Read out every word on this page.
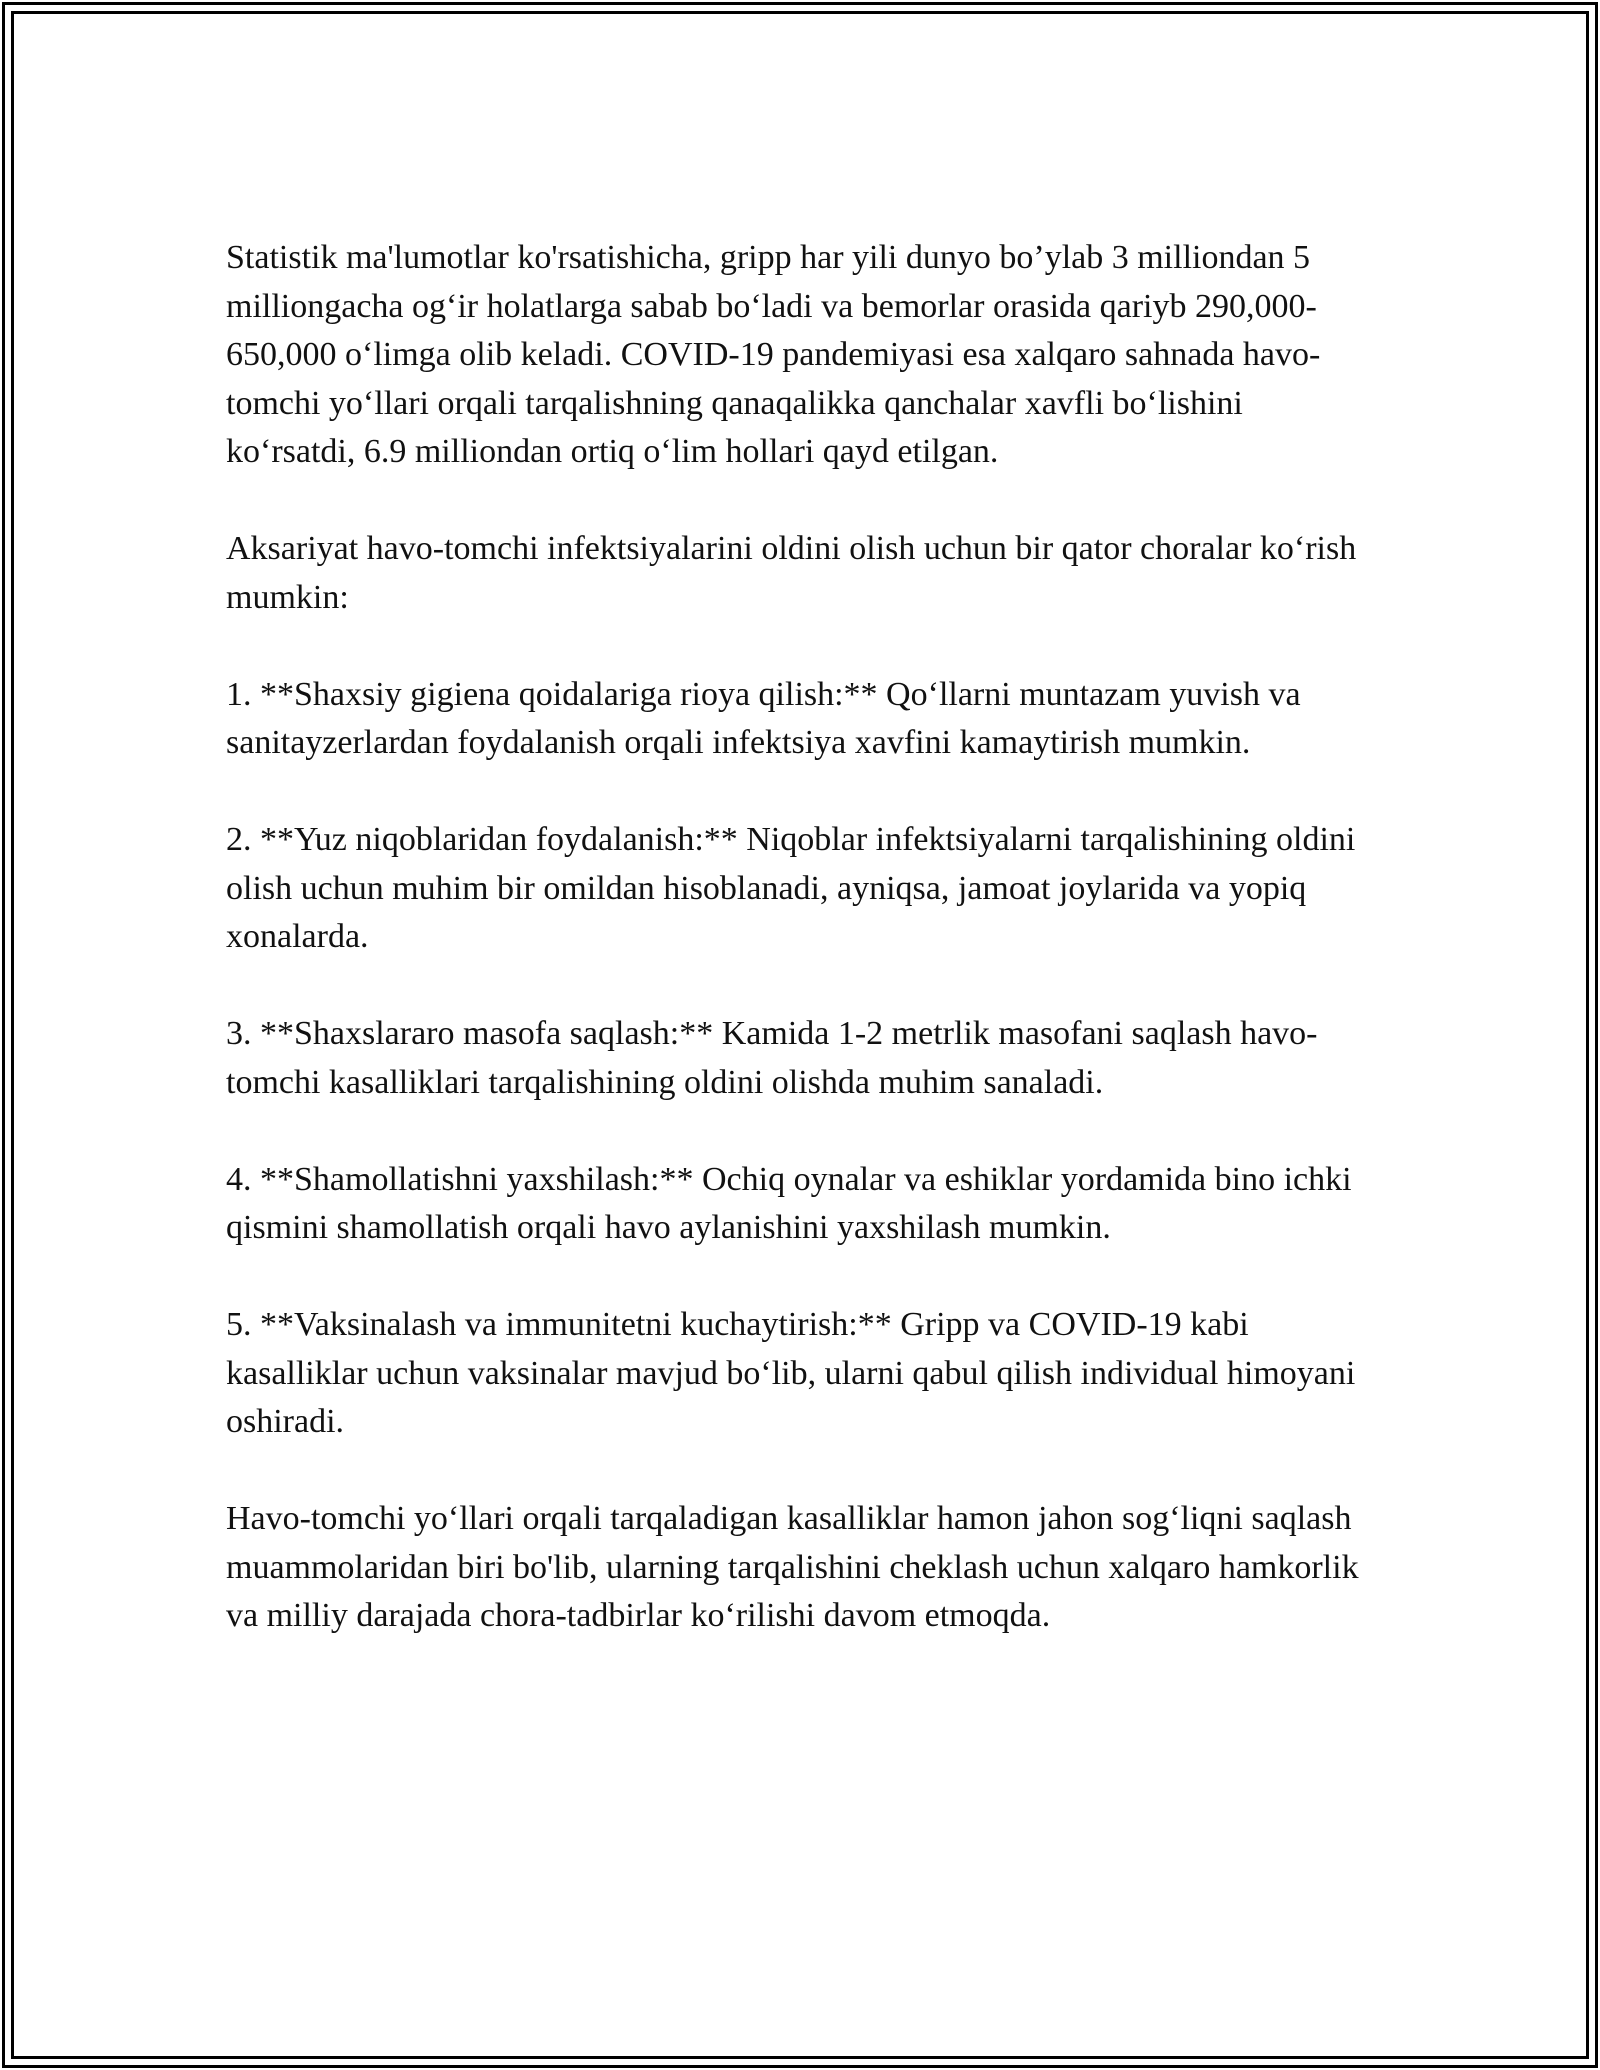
Statistik ma'lumotlar ko'rsatishicha, gripp har yili dunyo bo’ylab 3 milliondan 5 milliongacha og‘ir holatlarga sabab bo‘ladi va bemorlar orasida qariyb 290,000-650,000 o‘limga olib keladi. COVID-19 pandemiyasi esa xalqaro sahnada havo-tomchi yo‘llari orqali tarqalishning qanaqalikka qanchalar xavfli bo‘lishini ko‘rsatdi, 6.9 milliondan ortiq o‘lim hollari qayd etilgan.

Aksariyat havo-tomchi infektsiyalarini oldini olish uchun bir qator choralar ko‘rish mumkin:

1. **Shaxsiy gigiena qoidalariga rioya qilish:** Qo‘llarni muntazam yuvish va sanitayzerlardan foydalanish orqali infektsiya xavfini kamaytirish mumkin.

2. **Yuz niqoblaridan foydalanish:** Niqoblar infektsiyalarni tarqalishining oldini olish uchun muhim bir omildan hisoblanadi, ayniqsa, jamoat joylarida va yopiq xonalarda.

3. **Shaxslararo masofa saqlash:** Kamida 1-2 metrlik masofani saqlash havo-tomchi kasalliklari tarqalishining oldini olishda muhim sanaladi.

4. **Shamollatishni yaxshilash:** Ochiq oynalar va eshiklar yordamida bino ichki qismini shamollatish orqali havo aylanishini yaxshilash mumkin.

5. **Vaksinalash va immunitetni kuchaytirish:** Gripp va COVID-19 kabi kasalliklar uchun vaksinalar mavjud bo‘lib, ularni qabul qilish individual himoyani oshiradi.

Havo-tomchi yo‘llari orqali tarqaladigan kasalliklar hamon jahon sog‘liqni saqlash muammolaridan biri bo'lib, ularning tarqalishini cheklash uchun xalqaro hamkorlik va milliy darajada chora-tadbirlar ko‘rilishi davom etmoqda.
